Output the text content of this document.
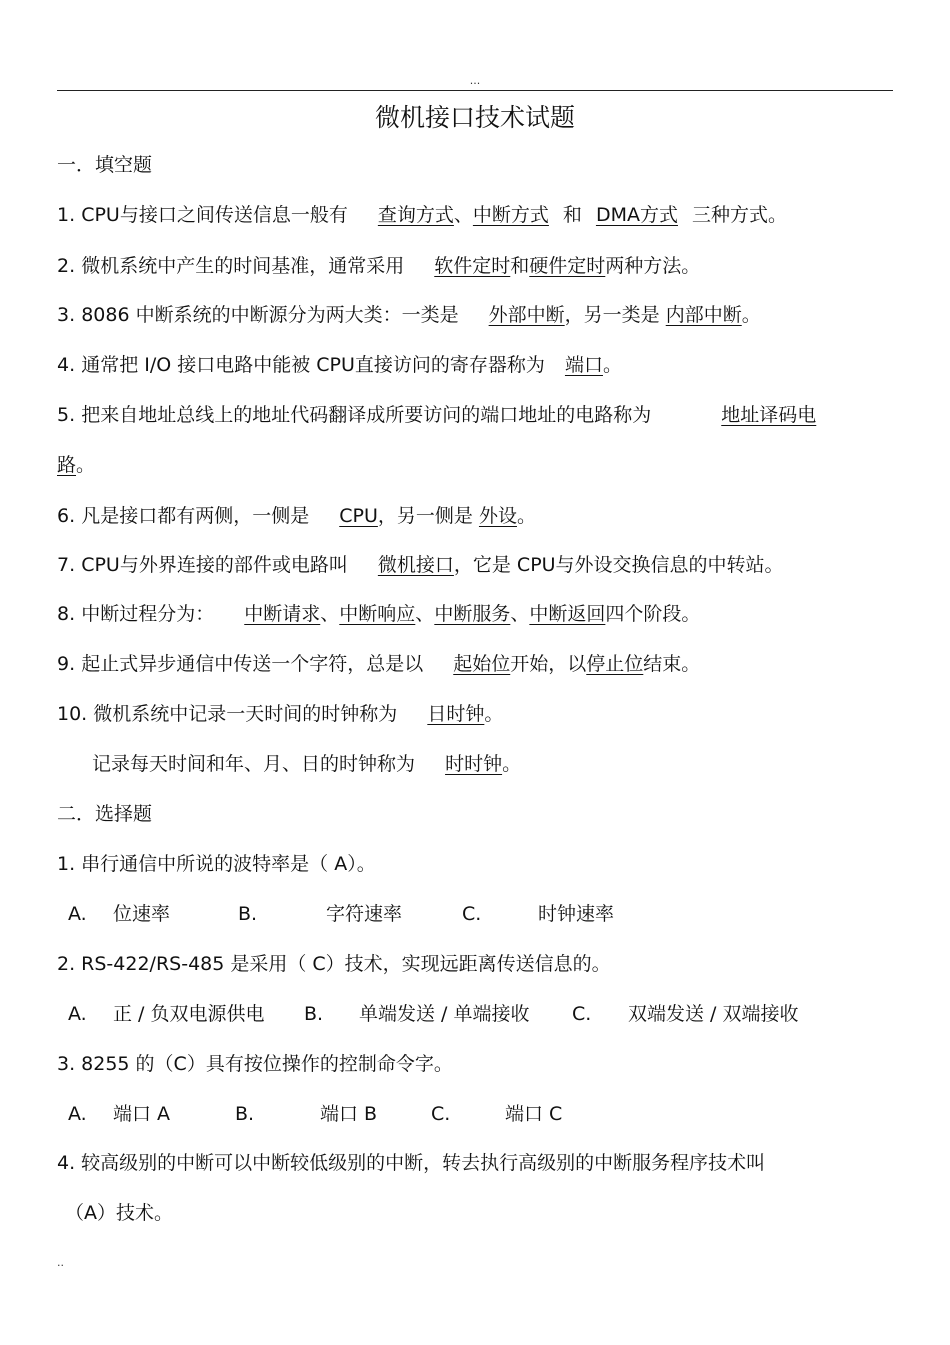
...
微机接口技术试题
一．填空题
1. CPU与接口之间传送信息一般有 查询方式、中断方式 和 DMA方式 三种方式。
2. 微机系统中产生的时间基准，通常采用 软件定时和硬件定时两种方法。
3. 8086 中断系统的中断源分为两大类：一类是 外部中断，另一类是 内部中断。
4. 通常把 I/O 接口电路中能被 CPU直接访问的寄存器称为 端口。
5. 把来自地址总线上的地址代码翻译成所要访问的端口地址的电路称为	地址译码电
路。
6. 凡是接口都有两侧，一侧是 CPU，另一侧是 外设。
7. CPU与外界连接的部件或电路叫 微机接口，它是 CPU与外设交换信息的中转站。
8. 中断过程分为： 中断请求、中断响应、中断服务、中断返回四个阶段。
9. 起止式异步通信中传送一个字符，总是以 起始位开始，以停止位结束。
10. 微机系统中记录一天时间的时钟称为 日时钟。
记录每天时间和年、月、日的时钟称为 时时钟。
二．选择题
1. 串行通信中所说的波特率是（ A）。
A. 位速率	B.	字符速率	C.	时钟速率
2. RS-422/RS-485 是采用（ C）技术，实现远距离传送信息的。
A. 正 / 负双电源供电 B. 单端发送 / 单端接收 C. 双端发送 / 双端接收
3. 8255 的（C）具有按位操作的控制命令字。
A. 端口 A	B.	端口 B	C.	端口 C
4. 较高级别的中断可以中断较低级别的中断，转去执行高级别的中断服务程序技术叫
（A）技术。
..
